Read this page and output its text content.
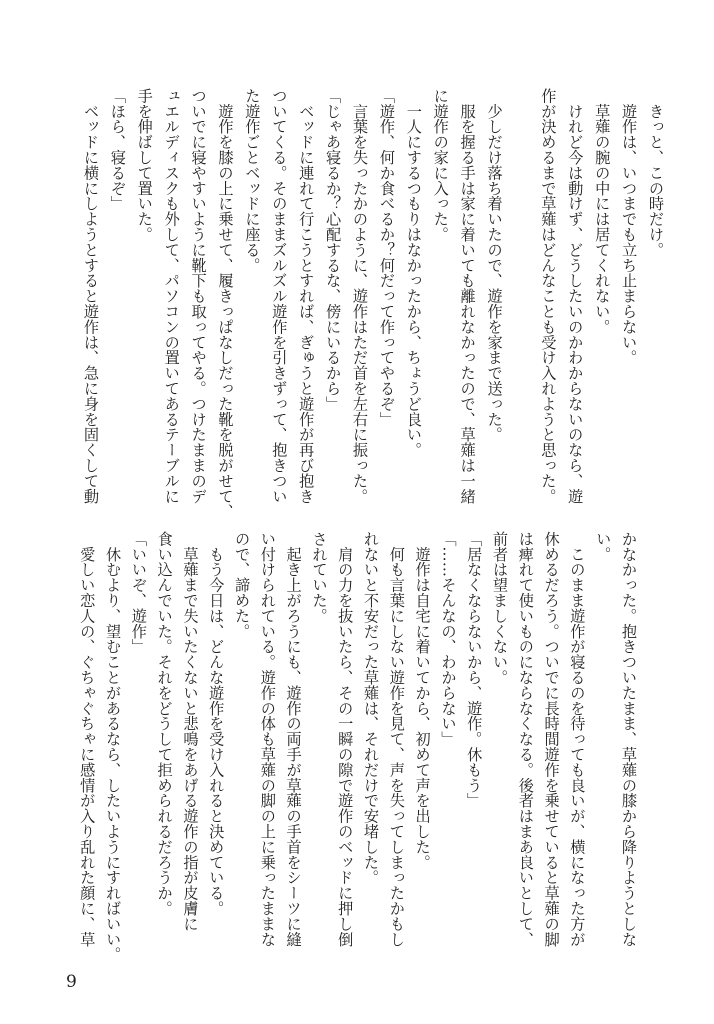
　きっと、この時だけ。
　遊作は、いつまでも立ち止まらない。
　草薙の腕の中には居てくれない。
　けれど今は動けず、どうしたいのかわからないのなら、遊
作が決めるまで草薙はどんなことも受け入れようと思った。
　少しだけ落ち着いたので、遊作を家まで送った。
　服を握る手は家に着いても離れなかったので、草薙は一緒
に遊作の家に入った。
　一人にするつもりはなかったから、ちょうど良い。
「遊作、何か食べるか？何だって作ってやるぞ」
　言葉を失ったかのように、遊作はただ首を左右に振った。
「じゃあ寝るか？心配するな、傍にいるから」
　ベッドに連れて行こうとすれば、ぎゅうと遊作が再び抱き
ついてくる。そのままズルズル遊作を引きずって、抱きつい
た遊作ごとベッドに座る。
　遊作を膝の上に乗せて、履きっぱなしだった靴を脱がせて、
ついでに寝やすいように靴下も取ってやる。つけたままのデ
ュエルディスクも外して、パソコンの置いてあるテーブルに
手を伸ばして置いた。
「ほら、寝るぞ」
　ベッドに横にしようとすると遊作は、急に身を固くして動
かなかった。抱きついたまま、草薙の膝から降りようとしな
い。
　このまま遊作が寝るのを待っても良いが、横になった方が
休めるだろう。ついでに長時間遊作を乗せていると草薙の脚
は痺れて使いものにならなくなる。後者はまあ良いとして、
前者は望ましくない。
「居なくならないから、遊作。休もう」
「……そんなの、わからない」
　遊作は自宅に着いてから、初めて声を出した。
　何も言葉にしない遊作を見て、声を失ってしまったかもし
れないと不安だった草薙は、それだけで安堵した。
　肩の力を抜いたら、その一瞬の隙で遊作のベッドに押し倒
されていた。
　起き上がろうにも、遊作の両手が草薙の手首をシーツに縫
い付けられている。遊作の体も草薙の脚の上に乗ったままな
ので、諦めた。
　もう今日は、どんな遊作を受け入れると決めている。
　草薙まで失いたくないと悲鳴をあげる遊作の指が皮膚に
食い込んでいた。それをどうして拒められるだろうか。
「いいぞ、遊作」
　休むより、望むことがあるなら、したいようにすればいい。
　愛しい恋人の、ぐちゃぐちゃに感情が入り乱れた顔に、草
9
